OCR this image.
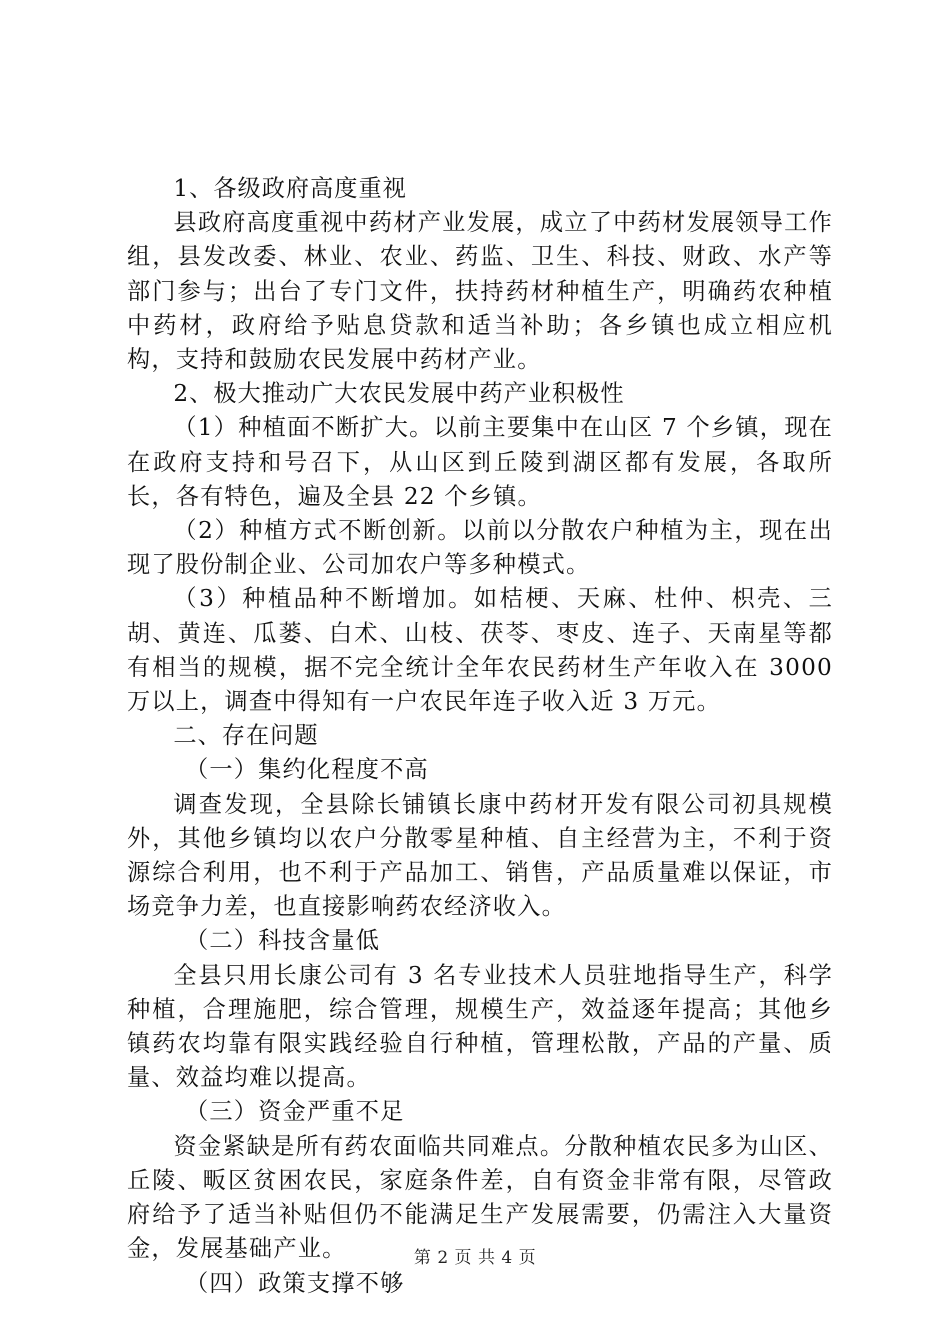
1、各级政府高度重视

县政府高度重视中药材产业发展，成立了中药材发展领导工作组，县发改委、林业、农业、药监、卫生、科技、财政、水产等部门参与；出台了专门文件，扶持药材种植生产，明确药农种植中药材，政府给予贴息贷款和适当补助；各乡镇也成立相应机构，支持和鼓励农民发展中药材产业。

2、极大推动广大农民发展中药产业积极性

（1）种植面不断扩大。以前主要集中在山区 7 个乡镇，现在在政府支持和号召下，从山区到丘陵到湖区都有发展，各取所长，各有特色，遍及全县 22 个乡镇。

（2）种植方式不断创新。以前以分散农户种植为主，现在出现了股份制企业、公司加农户等多种模式。

（3）种植品种不断增加。如桔梗、天麻、杜仲、枳壳、三胡、黄连、瓜蒌、白术、山枝、茯苓、枣皮、连子、天南星等都有相当的规模，据不完全统计全年农民药材生产年收入在 3000 万以上，调查中得知有一户农民年连子收入近 3 万元。

二、存在问题

（一）集约化程度不高

调查发现，全县除长铺镇长康中药材开发有限公司初具规模外，其他乡镇均以农户分散零星种植、自主经营为主，不利于资源综合利用，也不利于产品加工、销售，产品质量难以保证，市场竞争力差，也直接影响药农经济收入。

（二）科技含量低

全县只用长康公司有 3 名专业技术人员驻地指导生产，科学种植，合理施肥，综合管理，规模生产，效益逐年提高；其他乡镇药农均靠有限实践经验自行种植，管理松散，产品的产量、质量、效益均难以提高。

（三）资金严重不足

资金紧缺是所有药农面临共同难点。分散种植农民多为山区、丘陵、畈区贫困农民，家庭条件差，自有资金非常有限，尽管政府给予了适当补贴但仍不能满足生产发展需要，仍需注入大量资金，发展基础产业。

（四）政策支撑不够

第 2 页 共 4 页
